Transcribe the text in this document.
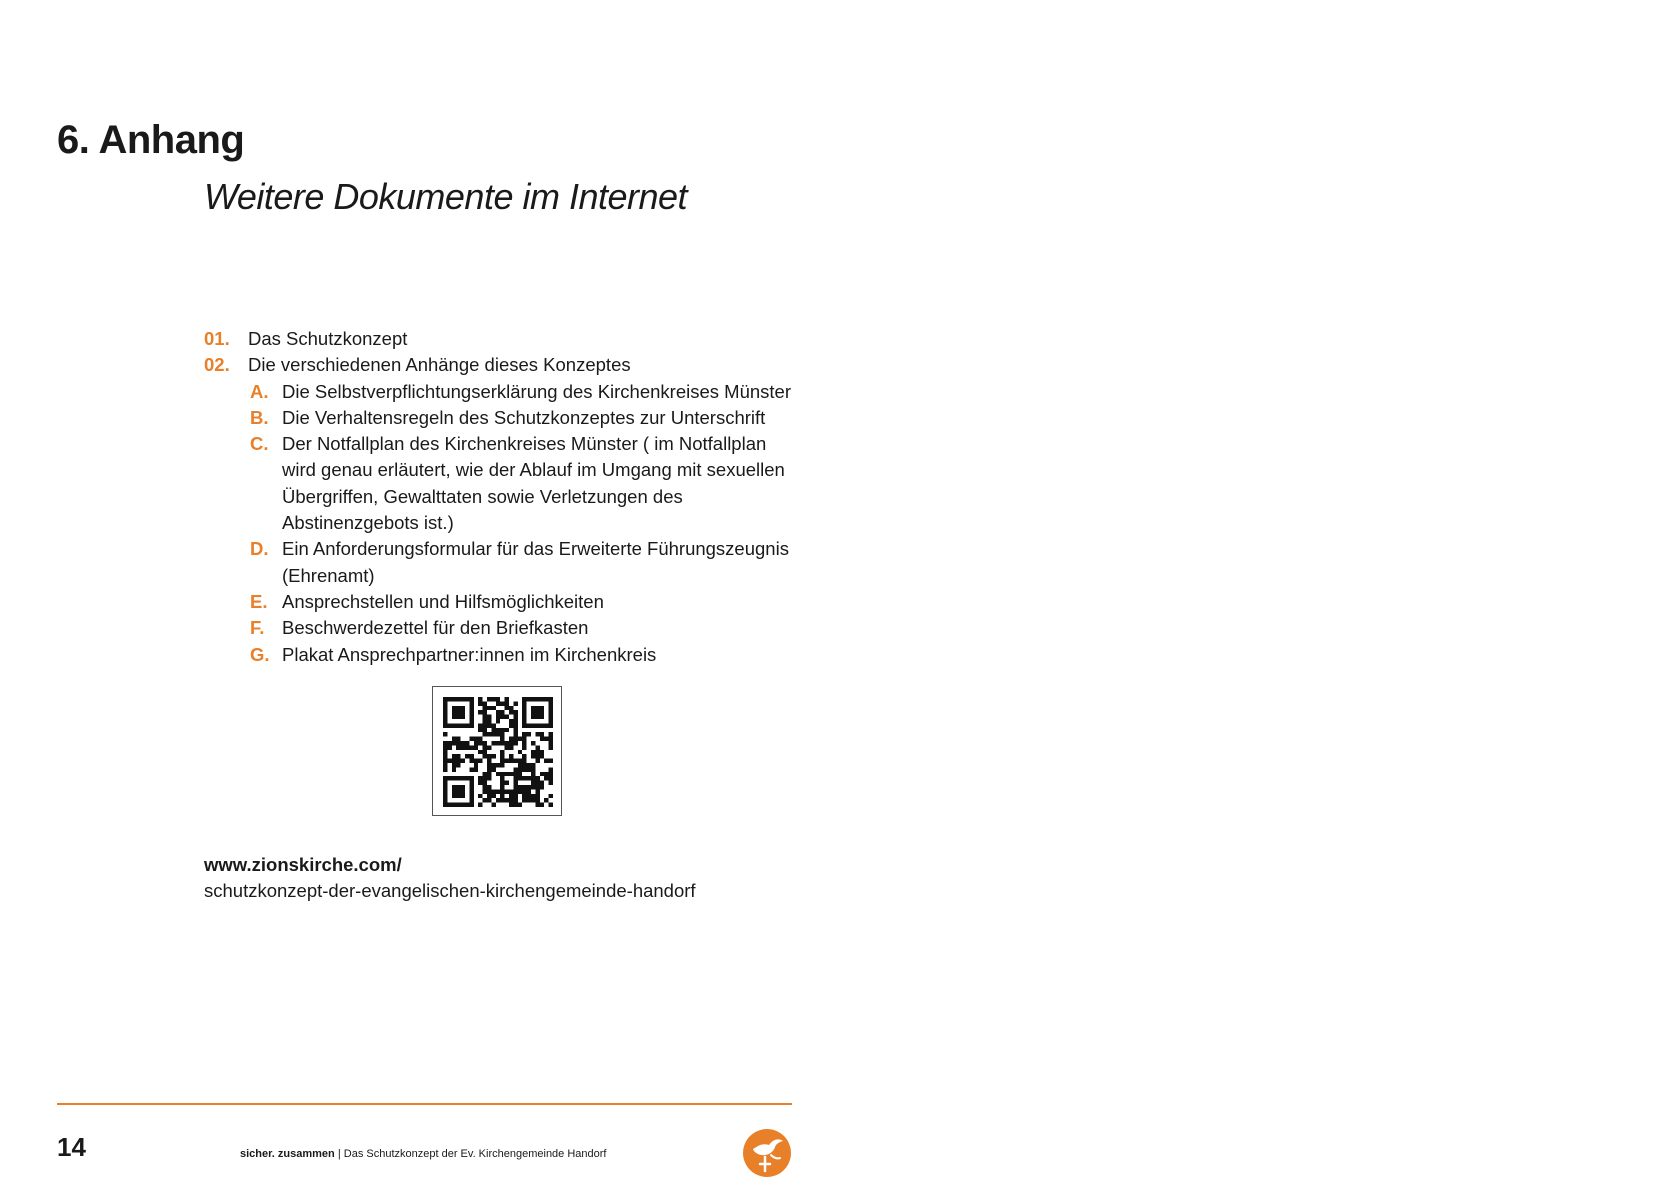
6. Anhang
Weitere Dokumente im Internet
01. Das Schutzkonzept
02. Die verschiedenen Anhänge dieses Konzeptes
A. Die Selbstverpflichtungserklärung des Kirchenkreises Münster
B. Die Verhaltensregeln des Schutzkonzeptes zur Unterschrift
C. Der Notfallplan des Kirchenkreises Münster ( im Notfallplan wird genau erläutert, wie der Ablauf im Umgang mit sexuellen Übergriffen, Gewalttaten sowie Verletzungen des Abstinenzgebots ist.)
D. Ein Anforderungsformular für das Erweiterte Führungszeugnis (Ehrenamt)
E. Ansprechstellen und Hilfsmöglichkeiten
F. Beschwerdezettel für den Briefkasten
G. Plakat Ansprechpartner:innen im Kirchenkreis
www.zionskirche.com/
schutzkonzept-der-evangelischen-kirchengemeinde-handorf
14	sicher. zusammen | Das Schutzkonzept der Ev. Kirchengemeinde Handorf
